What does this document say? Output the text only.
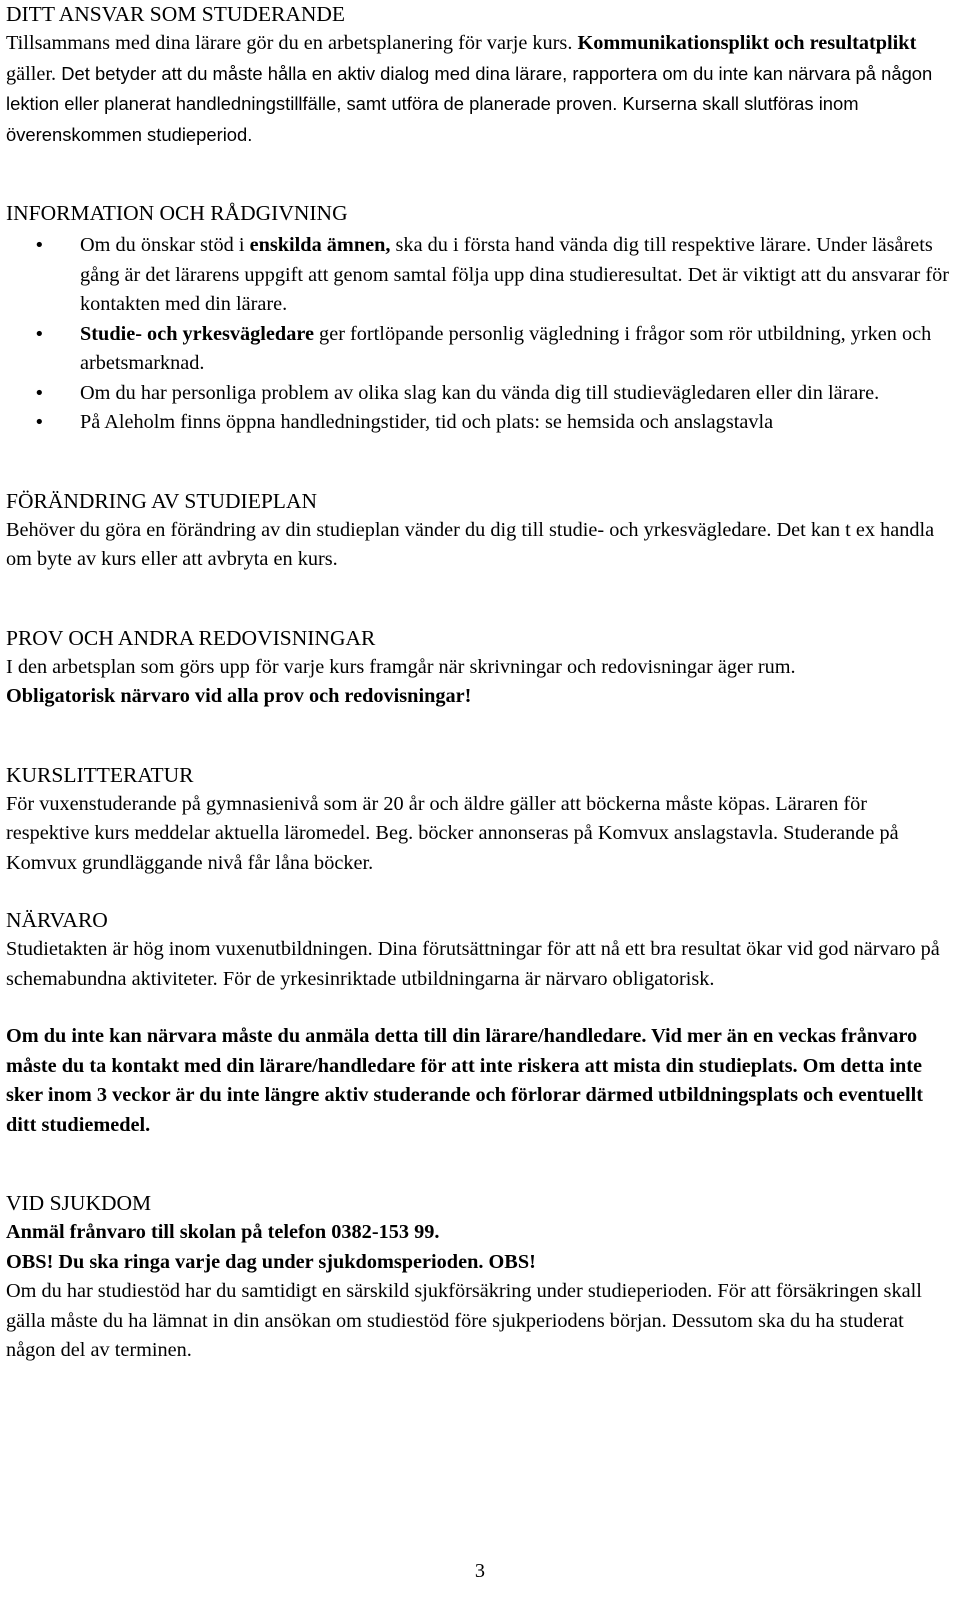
DITT ANSVAR SOM STUDERANDE

Tillsammans med dina lärare gör du en arbetsplanering för varje kurs. Kommunikationsplikt och resultatplikt gäller. Det betyder att du måste hålla en aktiv dialog med dina lärare, rapportera om du inte kan närvara på någon lektion eller planerat handledningstillfälle, samt utföra de planerade proven. Kurserna skall slutföras inom överenskommen studieperiod.

INFORMATION OCH RÅDGIVNING
• Om du önskar stöd i enskilda ämnen, ska du i första hand vända dig till respektive lärare. Under läsårets gång är det lärarens uppgift att genom samtal följa upp dina studieresultat. Det är viktigt att du ansvarar för kontakten med din lärare.
• Studie- och yrkesvägledare ger fortlöpande personlig vägledning i frågor som rör utbildning, yrken och arbetsmarknad.
• Om du har personliga problem av olika slag kan du vända dig till studievägledaren eller din lärare.
• På Aleholm finns öppna handledningstider, tid och plats: se hemsida och anslagstavla
FÖRÄNDRING AV STUDIEPLAN

Behöver du göra en förändring av din studieplan vänder du dig till studie- och yrkesvägledare. Det kan t ex handla om byte av kurs eller att avbryta en kurs.

PROV OCH ANDRA REDOVISNINGAR

I den arbetsplan som görs upp för varje kurs framgår när skrivningar och redovisningar äger rum.

Obligatorisk närvaro vid alla prov och redovisningar!

KURSLITTERATUR

För vuxenstuderande på gymnasienivå som är 20 år och äldre gäller att böckerna måste köpas. Läraren för respektive kurs meddelar aktuella läromedel. Beg. böcker annonseras på Komvux anslagstavla. Studerande på Komvux grundläggande nivå får låna böcker.

NÄRVARO

Studietakten är hög inom vuxenutbildningen. Dina förutsättningar för att nå ett bra resultat ökar vid god närvaro på schemabundna aktiviteter. För de yrkesinriktade utbildningarna är närvaro obligatorisk.

Om du inte kan närvara måste du anmäla detta till din lärare/handledare. Vid mer än en veckas frånvaro måste du ta kontakt med din lärare/handledare för att inte riskera att mista din studieplats. Om detta inte sker inom 3 veckor är du inte längre aktiv studerande och förlorar därmed utbildningsplats och eventuellt ditt studiemedel.

VID SJUKDOM

Anmäl frånvaro till skolan på telefon 0382-153 99.

OBS! Du ska ringa varje dag under sjukdomsperioden. OBS!

Om du har studiestöd har du samtidigt en särskild sjukförsäkring under studieperioden. För att försäkringen skall gälla måste du ha lämnat in din ansökan om studiestöd före sjukperiodens början. Dessutom ska du ha studerat någon del av terminen.

3
